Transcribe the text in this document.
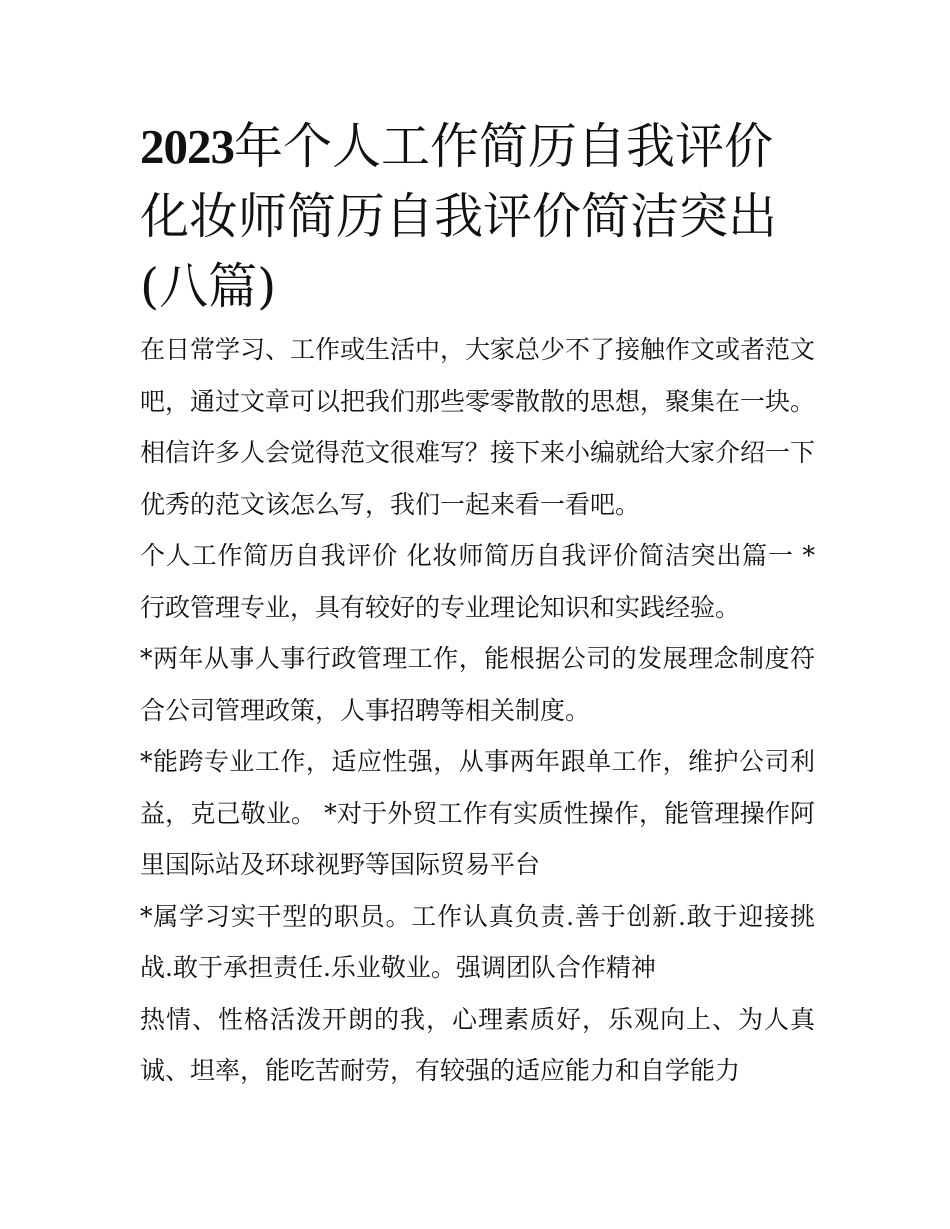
2023年个人工作简历自我评价化妆师简历自我评价简洁突出(八篇)

在日常学习、工作或生活中，大家总少不了接触作文或者范文吧，通过文章可以把我们那些零零散散的思想，聚集在一块。相信许多人会觉得范文很难写？接下来小编就给大家介绍一下优秀的范文该怎么写，我们一起来看一看吧。

个人工作简历自我评价 化妆师简历自我评价简洁突出篇一 *行政管理专业，具有较好的专业理论知识和实践经验。

*两年从事人事行政管理工作，能根据公司的发展理念制度符合公司管理政策，人事招聘等相关制度。

*能跨专业工作，适应性强，从事两年跟单工作，维护公司利益，克己敬业。 *对于外贸工作有实质性操作，能管理操作阿里国际站及环球视野等国际贸易平台

*属学习实干型的职员。工作认真负责.善于创新.敢于迎接挑战.敢于承担责任.乐业敬业。强调团队合作精神

热情、性格活泼开朗的我，心理素质好，乐观向上、为人真诚、坦率，能吃苦耐劳，有较强的适应能力和自学能力
